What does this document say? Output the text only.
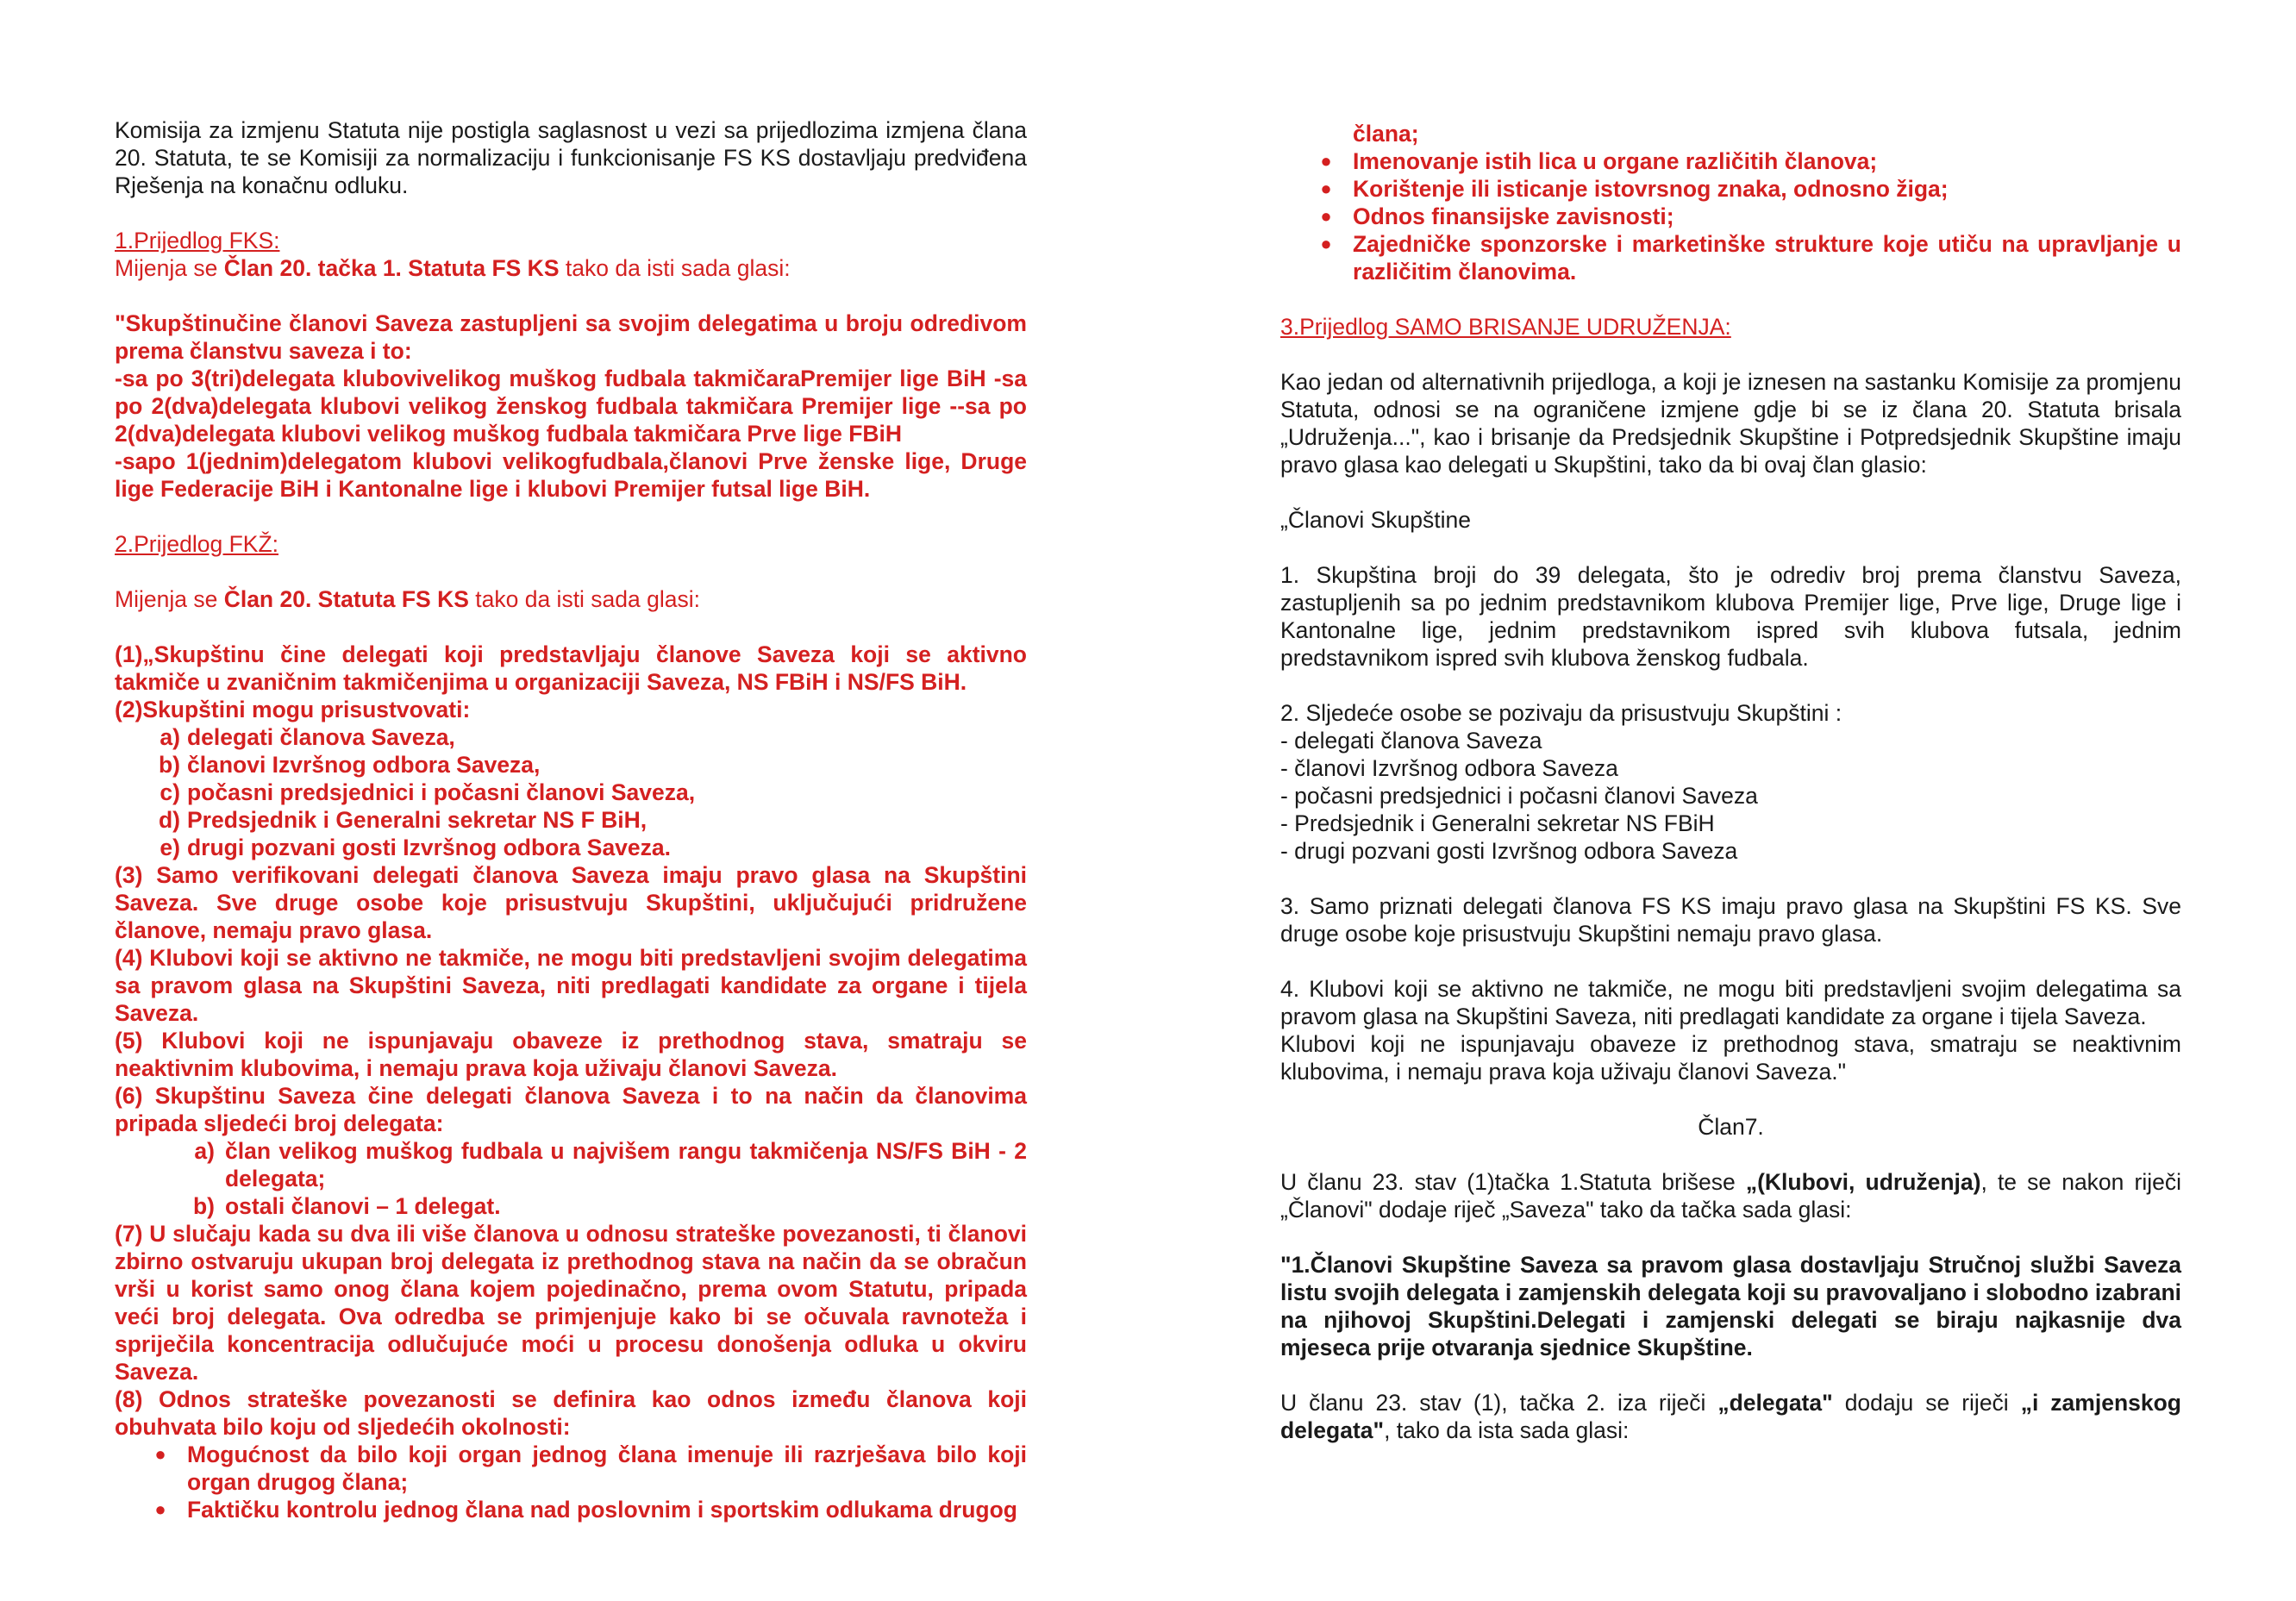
Komisija za izmjenu Statuta nije postigla saglasnost u vezi sa prijedlozima izmjena člana 20. Statuta, te se Komisiji za normalizaciju i funkcionisanje FS KS dostavljaju predviđena Rješenja na konačnu odluku.

1.Prijedlog FKS:

Mijenja se Član 20. tačka 1. Statuta FS KS tako da isti sada glasi:

"Skupštinučine članovi Saveza zastupljeni sa svojim delegatima u broju odredivom prema članstvu saveza i to:
-sa po 3(tri)delegata klubovivelikog muškog fudbala takmičaraPremijer lige BiH -sa po 2(dva)delegata klubovi velikog ženskog fudbala takmičara Premijer lige --sa po 2(dva)delegata klubovi velikog muškog fudbala takmičara Prve lige FBiH
-sapo 1(jednim)delegatom klubovi velikogfudbala,članovi Prve ženske lige, Druge lige Federacije BiH i Kantonalne lige i klubovi Premijer futsal lige BiH.

2.Prijedlog FKŽ:

Mijenja se Član 20. Statuta FS KS tako da isti sada glasi:

(1)„Skupštinu čine delegati koji predstavljaju članove Saveza koji se aktivno takmiče u zvaničnim takmičenjima u organizaciji Saveza, NS FBiH i NS/FS BiH.

(2)Skupštini mogu prisustvovati:

a) delegati članova Saveza,
b) članovi Izvršnog odbora Saveza,
c) počasni predsjednici i počasni članovi Saveza,
d) Predsjednik i Generalni sekretar NS F BiH,
e) drugi pozvani gosti Izvršnog odbora Saveza.

(3) Samo verifikovani delegati članova Saveza imaju pravo glasa na Skupštini Saveza. Sve druge osobe koje prisustvuju Skupštini, uključujući pridružene članove, nemaju pravo glasa.

(4) Klubovi koji se aktivno ne takmiče, ne mogu biti predstavljeni svojim delegatima sa pravom glasa na Skupštini Saveza, niti predlagati kandidate za organe i tijela Saveza.

(5) Klubovi koji ne ispunjavaju obaveze iz prethodnog stava, smatraju se neaktivnim klubovima, i nemaju prava koja uživaju članovi Saveza.

(6) Skupštinu Saveza čine delegati članova Saveza i to na način da članovima pripada sljedeći broj delegata:

a) član velikog muškog fudbala u najvišem rangu takmičenja NS/FS BiH - 2 delegata;
b) ostali članovi – 1 delegat.

(7) U slučaju kada su dva ili više članova u odnosu strateške povezanosti, ti članovi zbirno ostvaruju ukupan broj delegata iz prethodnog stava na način da se obračun vrši u korist samo onog člana kojem pojedinačno, prema ovom Statutu, pripada veći broj delegata. Ova odredba se primjenjuje kako bi se očuvala ravnoteža i spriječila koncentracija odlučujuće moći u procesu donošenja odluka u okviru Saveza.

(8) Odnos strateške povezanosti se definira kao odnos između članova koji obuhvata bilo koju od sljedećih okolnosti:

● Mogućnost da bilo koji organ jednog člana imenuje ili razrješava bilo koji organ drugog člana;
● Faktičku kontrolu jednog člana nad poslovnim i sportskim odlukama drugog

člana;

● Imenovanje istih lica u organe različitih članova;
● Korištenje ili isticanje istovrsnog znaka, odnosno žiga;
● Odnos finansijske zavisnosti;
● Zajedničke sponzorske i marketinške strukture koje utiču na upravljanje u različitim članovima.

3.Prijedlog SAMO BRISANJE UDRUŽENJA:

Kao jedan od alternativnih prijedloga, a koji je iznesen na sastanku Komisije za promjenu Statuta, odnosi se na ograničene izmjene gdje bi se iz člana 20. Statuta brisala „Udruženja...", kao i brisanje da Predsjednik Skupštine i Potpredsjednik Skupštine imaju pravo glasa kao delegati u Skupštini, tako da bi ovaj član glasio:

„Članovi Skupštine

1. Skupština broji do 39 delegata, što je odrediv broj prema članstvu Saveza, zastupljenih sa po jednim predstavnikom klubova Premijer lige, Prve lige, Druge lige i Kantonalne lige, jednim predstavnikom ispred svih klubova futsala, jednim predstavnikom ispred svih klubova ženskog fudbala.

2. Sljedeće osobe se pozivaju da prisustvuju Skupštini :

- delegati članova Saveza

- članovi Izvršnog odbora Saveza

- počasni predsjednici i počasni članovi Saveza

- Predsjednik i Generalni sekretar NS FBiH

- drugi pozvani gosti Izvršnog odbora Saveza

3. Samo priznati delegati članova FS KS imaju pravo glasa na Skupštini FS KS. Sve druge osobe koje prisustvuju Skupštini nemaju pravo glasa.

4. Klubovi koji se aktivno ne takmiče, ne mogu biti predstavljeni svojim delegatima sa pravom glasa na Skupštini Saveza, niti predlagati kandidate za organe i tijela Saveza.
Klubovi koji ne ispunjavaju obaveze iz prethodnog stava, smatraju se neaktivnim klubovima, i nemaju prava koja uživaju članovi Saveza."

Član7.

U članu 23. stav (1)tačka 1.Statuta brišese „(Klubovi, udruženja), te se nakon riječi „Članovi" dodaje riječ „Saveza" tako da tačka sada glasi:

"1.Članovi Skupštine Saveza sa pravom glasa dostavljaju Stručnoj službi Saveza listu svojih delegata i zamjenskih delegata koji su pravovaljano i slobodno izabrani na njihovoj Skupštini.Delegati i zamjenski delegati se biraju najkasnije dva mjeseca prije otvaranja sjednice Skupštine.

U članu 23. stav (1), tačka 2. iza riječi „delegata" dodaju se riječi „i zamjenskog delegata", tako da ista sada glasi:
